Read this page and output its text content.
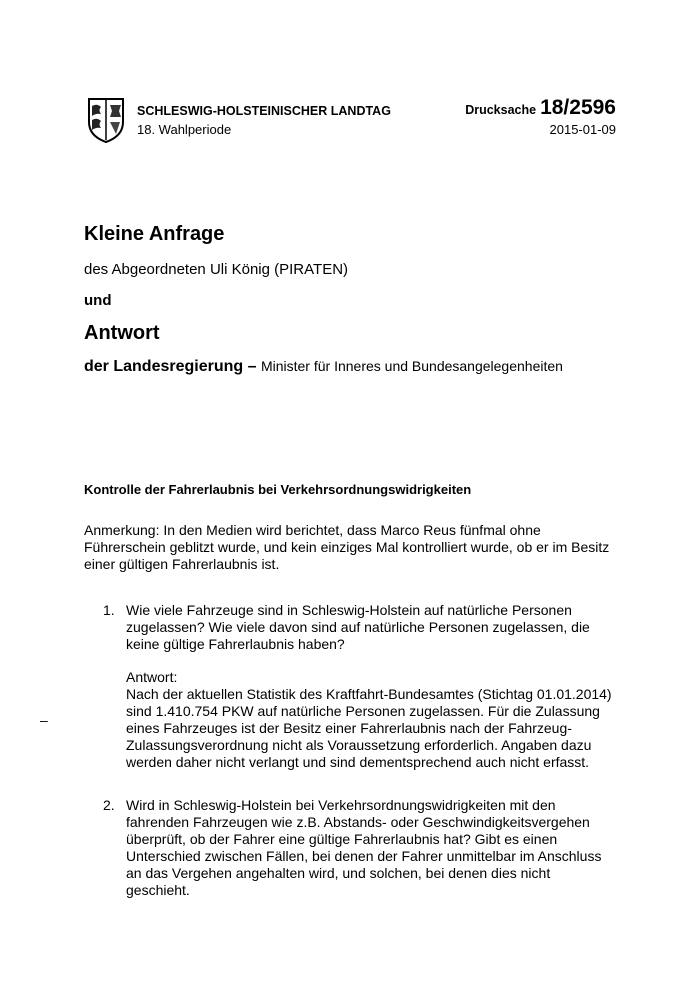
SCHLESWIG-HOLSTEINISCHER LANDTAG
18. Wahlperiode
Drucksache 18/2596
2015-01-09
Kleine Anfrage
des Abgeordneten Uli König (PIRATEN)
und
Antwort
der Landesregierung – Minister für Inneres und Bundesangelegenheiten
Kontrolle der Fahrerlaubnis bei Verkehrsordnungswidrigkeiten

Anmerkung: In den Medien wird berichtet, dass Marco Reus fünfmal ohne

Führerschein geblitzt wurde, und kein einziges Mal kontrolliert wurde, ob er im Besitz

einer gültigen Fahrerlaubnis ist.

1. Wie viele Fahrzeuge sind in Schleswig-Holstein auf natürliche Personen

zugelassen? Wie viele davon sind auf natürliche Personen zugelassen, die

keine gültige Fahrerlaubnis haben?

Antwort:

Nach der aktuellen Statistik des Kraftfahrt-Bundesamtes (Stichtag 01.01.2014)

sind 1.410.754 PKW auf natürliche Personen zugelassen. Für die Zulassung

eines Fahrzeuges ist der Besitz einer Fahrerlaubnis nach der Fahrzeug-

Zulassungsverordnung nicht als Voraussetzung erforderlich. Angaben dazu

werden daher nicht verlangt und sind dementsprechend auch nicht erfasst.

–
2. Wird in Schleswig-Holstein bei Verkehrsordnungswidrigkeiten mit den

fahrenden Fahrzeugen wie z.B. Abstands- oder Geschwindigkeitsvergehen

überprüft, ob der Fahrer eine gültige Fahrerlaubnis hat? Gibt es einen

Unterschied zwischen Fällen, bei denen der Fahrer unmittelbar im Anschluss

an das Vergehen angehalten wird, und solchen, bei denen dies nicht

geschieht.
